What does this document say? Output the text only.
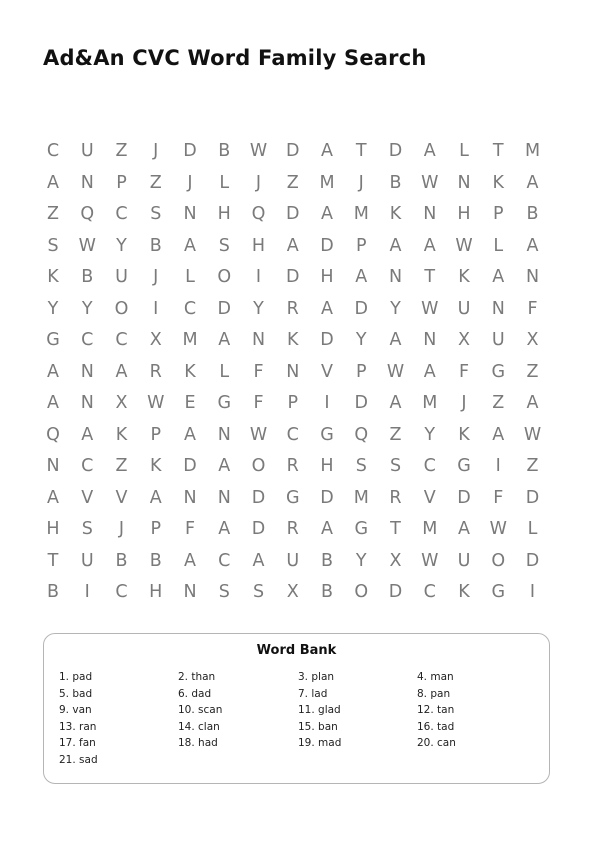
Ad&An CVC Word Family Search
C	U	Z	J	D	B	W	D	A	T	D	A	L	T	M
A	N	P	Z	J	L	J	Z	M	J	B	W	N	K	A
Z	Q	C	S	N	H	Q	D	A	M	K	N	H	P	B
S	W	Y	B	A	S	H	A	D	P	A	A	W	L	A
K	B	U	J	L	O	I	D	H	A	N	T	K	A	N
Y	Y	O	I	C	D	Y	R	A	D	Y	W	U	N	F
G	C	C	X	M	A	N	K	D	Y	A	N	X	U	X
A	N	A	R	K	L	F	N	V	P	W	A	F	G	Z
A	N	X	W	E	G	F	P	I	D	A	M	J	Z	A
Q	A	K	P	A	N	W	C	G	Q	Z	Y	K	A	W
N	C	Z	K	D	A	O	R	H	S	S	C	G	I	Z
A	V	V	A	N	N	D	G	D	M	R	V	D	F	D
H	S	J	P	F	A	D	R	A	G	T	M	A	W	L
T	U	B	B	A	C	A	U	B	Y	X	W	U	O	D
B	I	C	H	N	S	S	X	B	O	D	C	K	G	I
Word Bank
1. pad	2. than	3. plan	4. man
5. bad	6. dad	7. lad	8. pan
9. van	10. scan	11. glad	12. tan
13. ran	14. clan	15. ban	16. tad
17. fan	18. had	19. mad	20. can
21. sad
